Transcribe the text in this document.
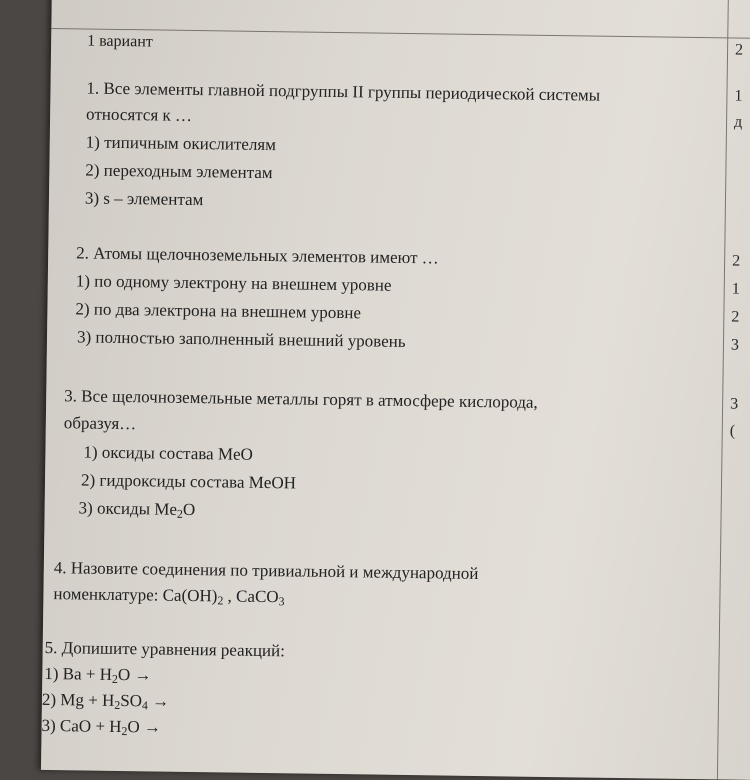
1 вариант
1. Все элементы главной подгруппы II группы периодической системы
относятся к …
1) типичным окислителям
2) переходным элементам
3) s – элементам
2. Атомы щелочноземельных элементов имеют …
1) по одному электрону на внешнем уровне
2) по два электрона на внешнем уровне
3) полностью заполненный внешний уровень
3. Все щелочноземельные металлы горят в атмосфере кислорода,
образуя…
1) оксиды состава MeO
2) гидроксиды состава MeOH
3) оксиды $Me_2O$
4. Назовите соединения по тривиальной и международной
номенклатуре: $Ca(OH)_2$ , CaCO$_3$
5. Допишите уравнения реакций:
1) $Ba + H_2O$ →
2) $Mg + H_2SO_4$ →
3) CaO + $H_2O$ →
2
1
д
2
1
2
3
3
(
